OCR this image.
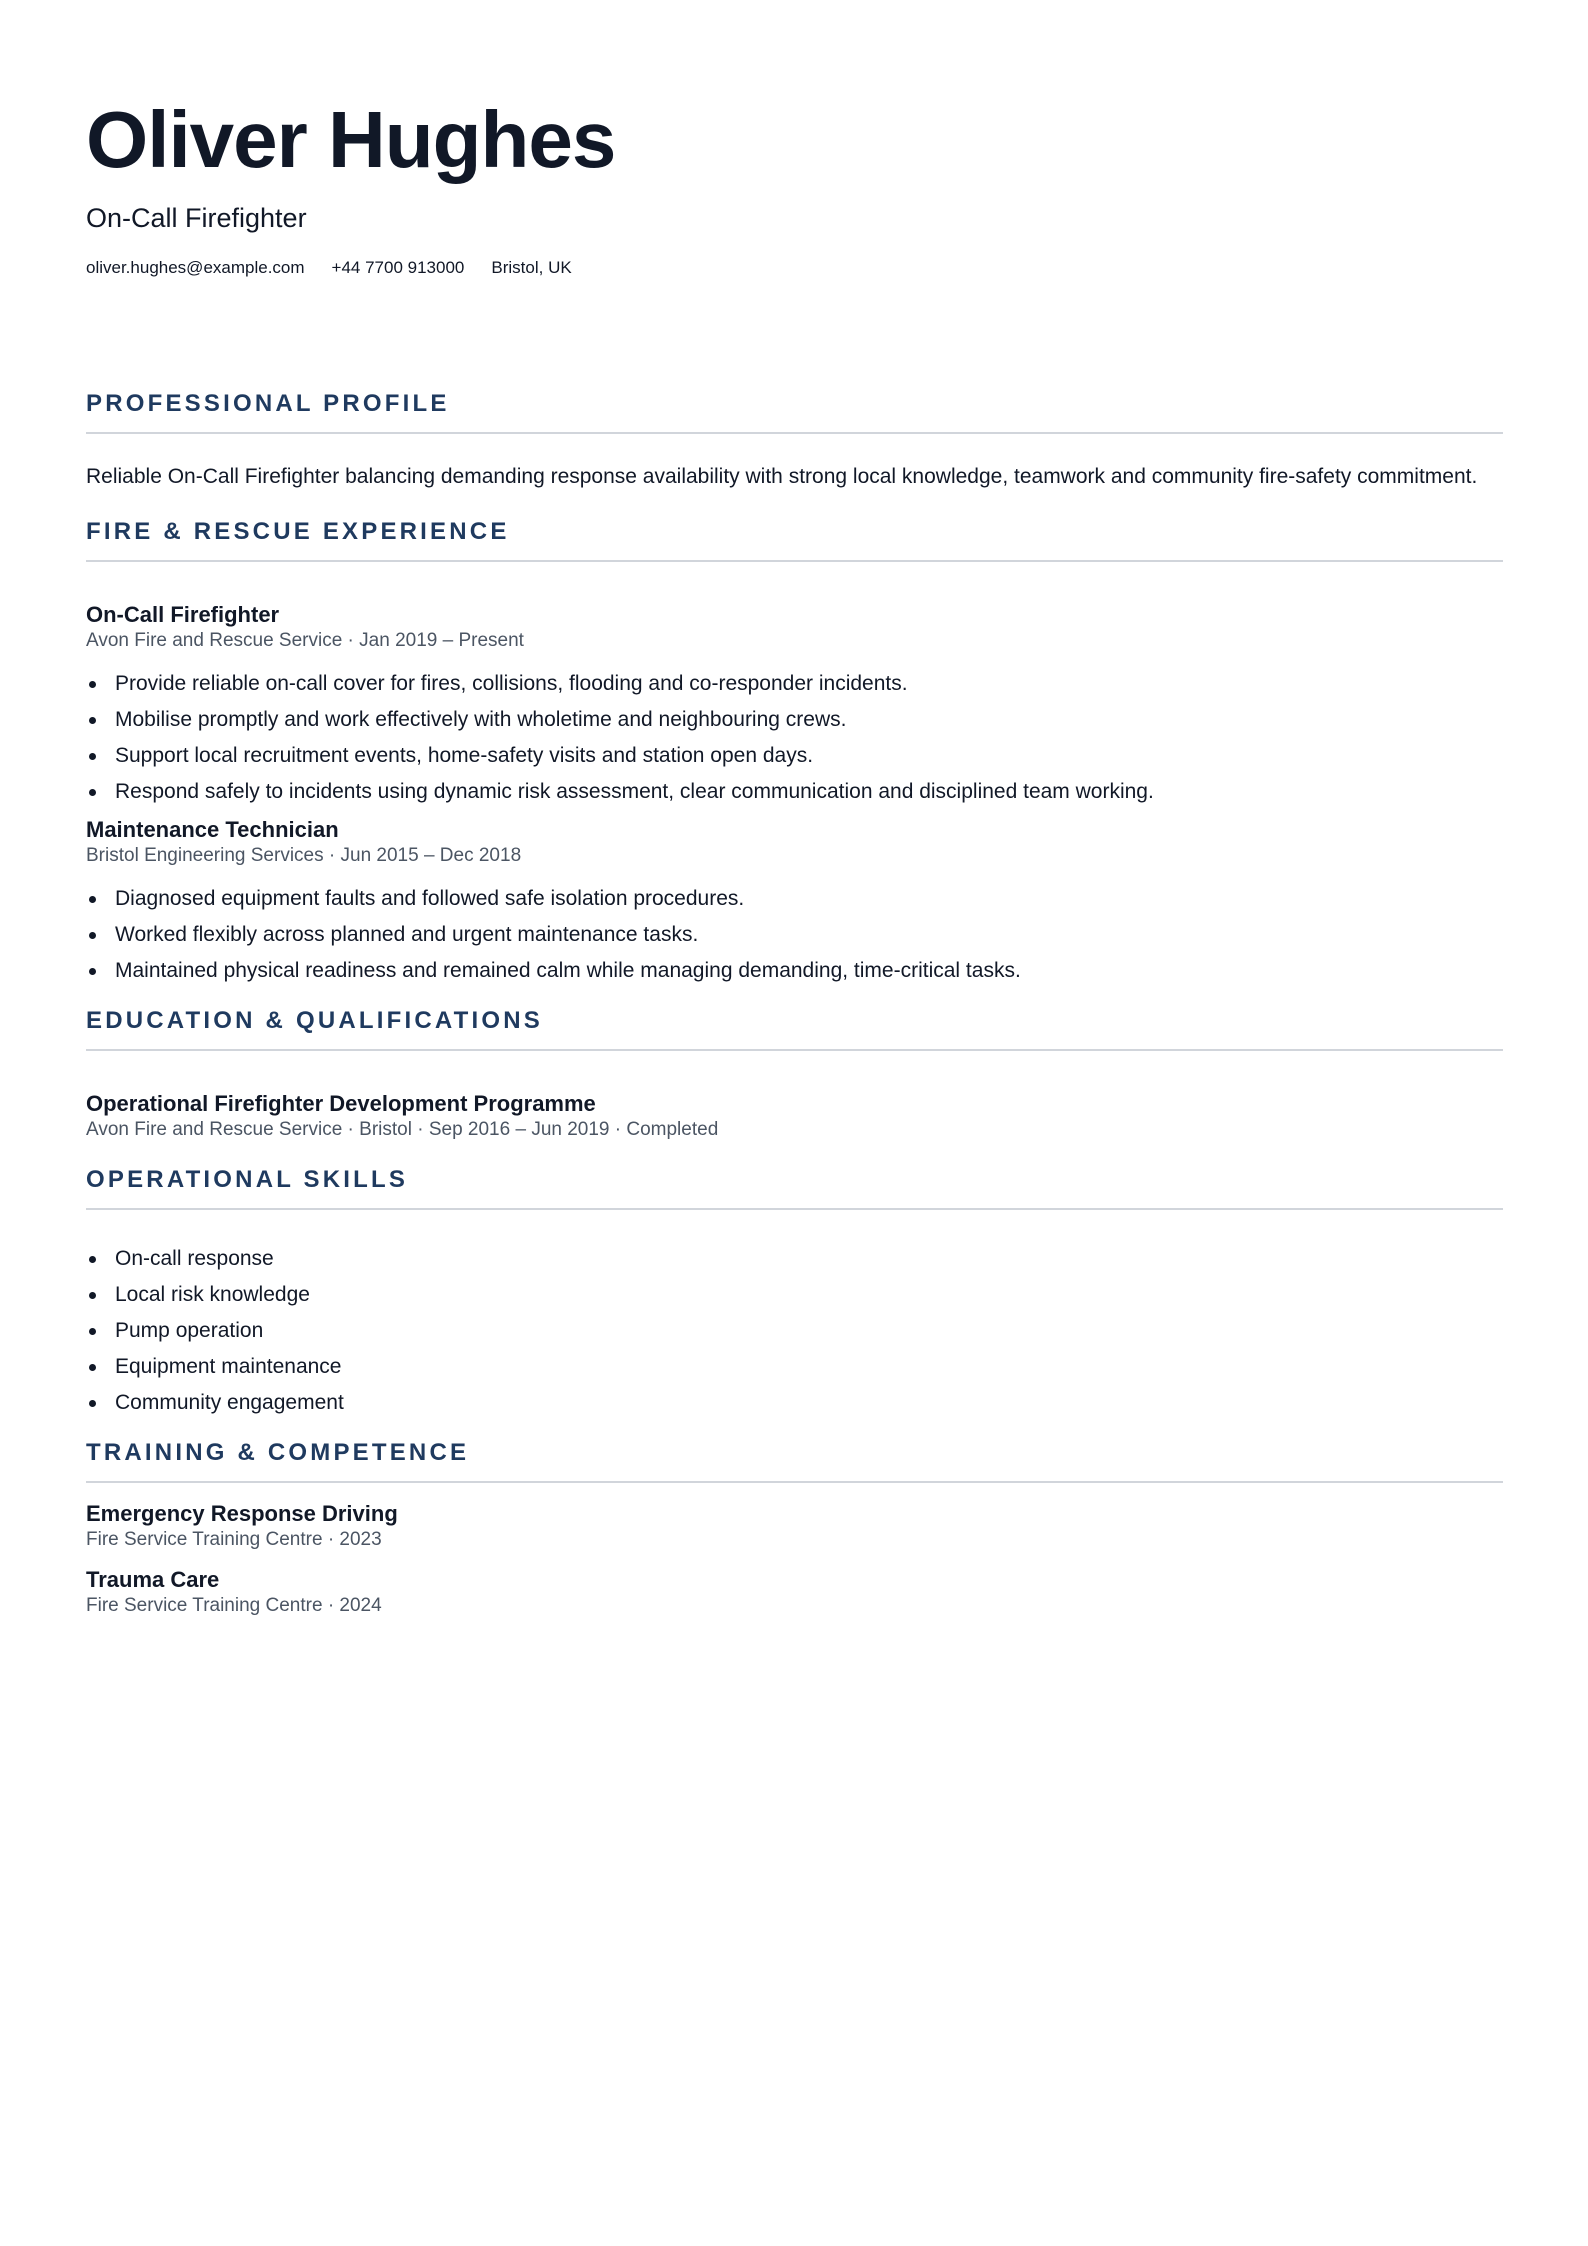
Oliver Hughes
On-Call Firefighter
oliver.hughes@example.com +44 7700 913000 Bristol, UK
PROFESSIONAL PROFILE
Reliable On-Call Firefighter balancing demanding response availability with strong local knowledge, teamwork and community fire-safety commitment.
FIRE & RESCUE EXPERIENCE
On-Call Firefighter
Avon Fire and Rescue Service · Jan 2019 – Present
Provide reliable on-call cover for fires, collisions, flooding and co-responder incidents.
Mobilise promptly and work effectively with wholetime and neighbouring crews.
Support local recruitment events, home-safety visits and station open days.
Respond safely to incidents using dynamic risk assessment, clear communication and disciplined team working.
Maintenance Technician
Bristol Engineering Services · Jun 2015 – Dec 2018
Diagnosed equipment faults and followed safe isolation procedures.
Worked flexibly across planned and urgent maintenance tasks.
Maintained physical readiness and remained calm while managing demanding, time-critical tasks.
EDUCATION & QUALIFICATIONS
Operational Firefighter Development Programme
Avon Fire and Rescue Service · Bristol · Sep 2016 – Jun 2019 · Completed
OPERATIONAL SKILLS
On-call response
Local risk knowledge
Pump operation
Equipment maintenance
Community engagement
TRAINING & COMPETENCE
Emergency Response Driving
Fire Service Training Centre · 2023
Trauma Care
Fire Service Training Centre · 2024
